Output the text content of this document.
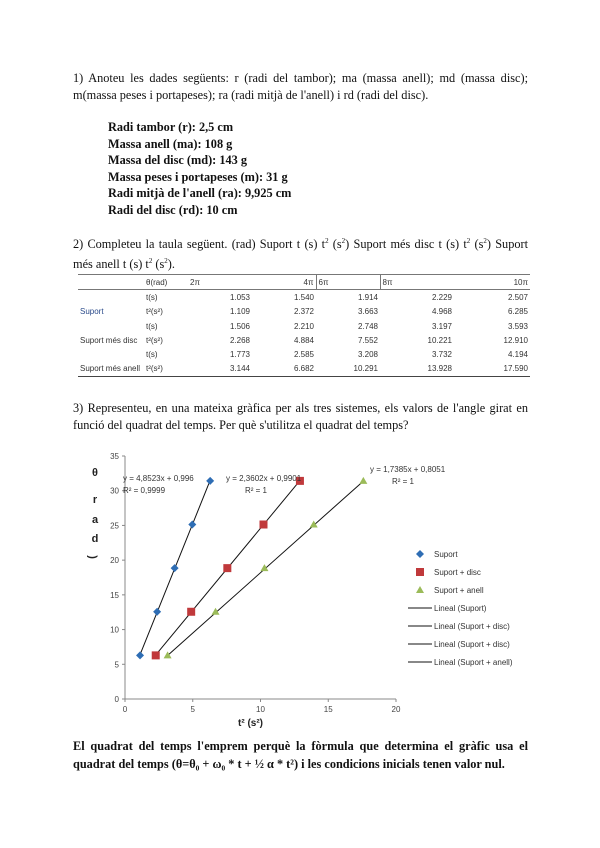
1) Anoteu les dades següents: r (radi del tambor); ma (massa anell); md (massa disc); m(massa peses i portapeses); ra (radi mitjà de l'anell) i rd (radi del disc).
Radi tambor (r): 2,5 cm
Massa anell (ma): 108 g
Massa del disc (md): 143 g
Massa peses i portapeses (m): 31 g
Radi mitjà de l'anell (ra): 9,925 cm
Radi del disc (rd): 10 cm
2) Completeu la taula següent. (rad) Suport t (s) $t^2$ $(s^2)$ Suport més disc t (s) $t^2$ $(s^2)$ Suport més anell t (s) $t^2$ $(s^2)$.
	θ(rad)	2π	4π	6π	8π	10π
	t(s)	1.053	1.540	1.914	2.229	2.507
Suport	t²(s²)	1.109	2.372	3.663	4.968	6.285
	t(s)	1.506	2.210	2.748	3.197	3.593
Suport més disc	t²(s²)	2.268	4.884	7.552	10.221	12.910
	t(s)	1.773	2.585	3.208	3.732	4.194
Suport més anell	t²(s²)	3.144	6.682	10.291	13.928	17.590
3) Representeu, en una mateixa gràfica per als tres sistemes, els valors de l'angle girat en funció del quadrat del temps. Per què s'utilitza el quadrat del temps?
0
5
10
15
20
25
30
35
0	5	10	15	20
t² (s²)
θ
r
a
d
(
y = 4,8523x + 0,996
R² = 0,9999
y = 2,3602x + 0,9901
R² = 1
y = 1,7385x + 0,8051
R² = 1
Suport
Suport + disc
Suport + anell
Lineal (Suport)
Lineal (Suport + disc)
Lineal (Suport + disc)
Lineal (Suport + anell)
El quadrat del temps l'emprem perquè la fòrmula que determina el gràfic usa el quadrat del temps (θ=θ₀ + ω₀ * t + ½ α * t²) i les condicions inicials tenen valor nul.
